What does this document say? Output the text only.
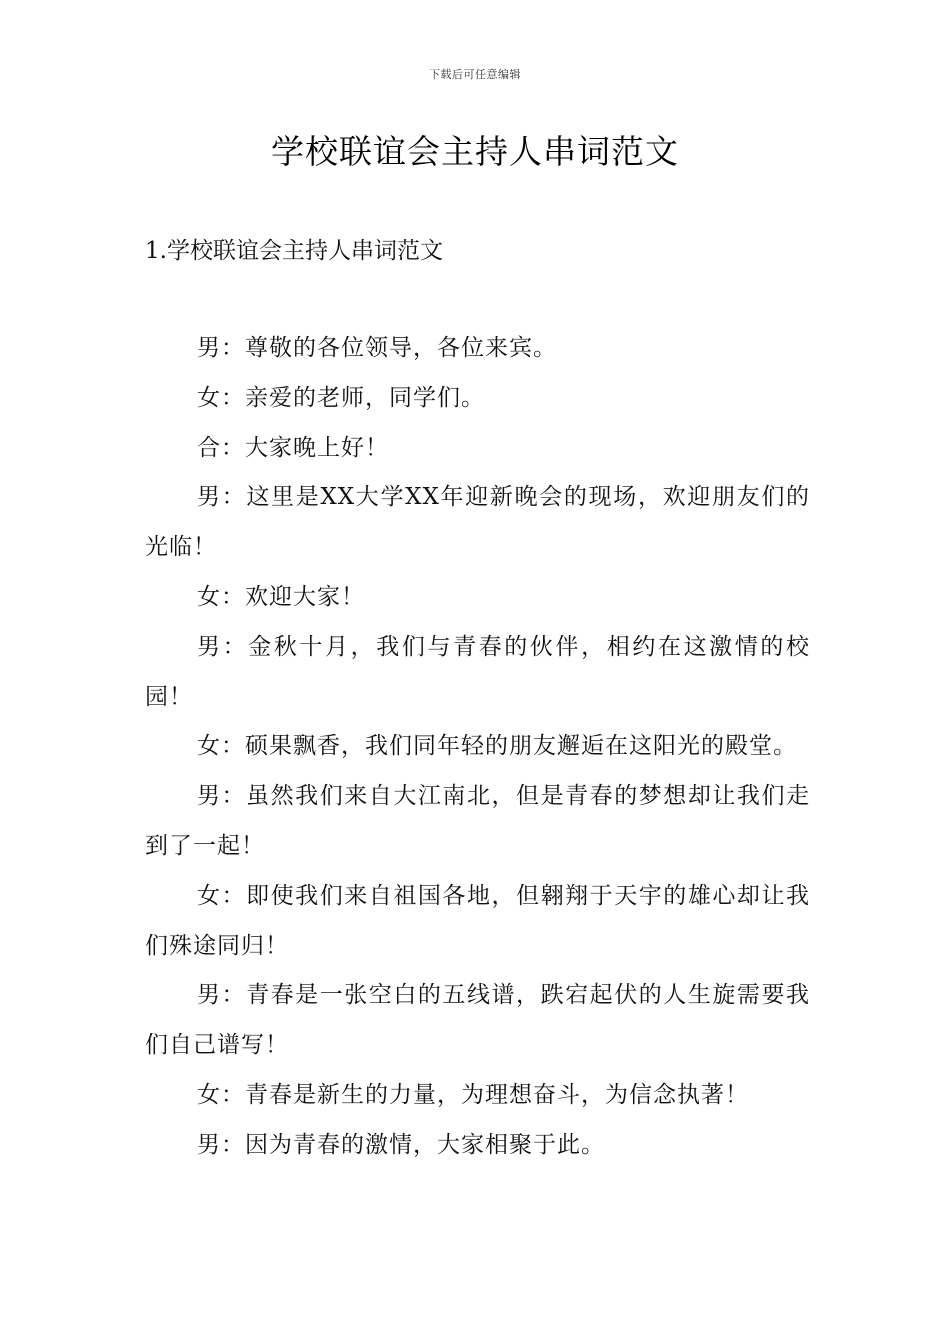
下载后可任意编辑
学校联谊会主持人串词范文
1.学校联谊会主持人串词范文

男：尊敬的各位领导，各位来宾。

女：亲爱的老师，同学们。

合：大家晚上好！

男：这里是XX大学XX年迎新晚会的现场，欢迎朋友们的光临！

女：欢迎大家！

男：金秋十月，我们与青春的伙伴，相约在这激情的校园！

女：硕果飘香，我们同年轻的朋友邂逅在这阳光的殿堂。

男：虽然我们来自大江南北，但是青春的梦想却让我们走到了一起！

女：即使我们来自祖国各地，但翱翔于天宇的雄心却让我们殊途同归！

男：青春是一张空白的五线谱，跌宕起伏的人生旋需要我们自己谱写！

女：青春是新生的力量，为理想奋斗，为信念执著！

男：因为青春的激情，大家相聚于此。
